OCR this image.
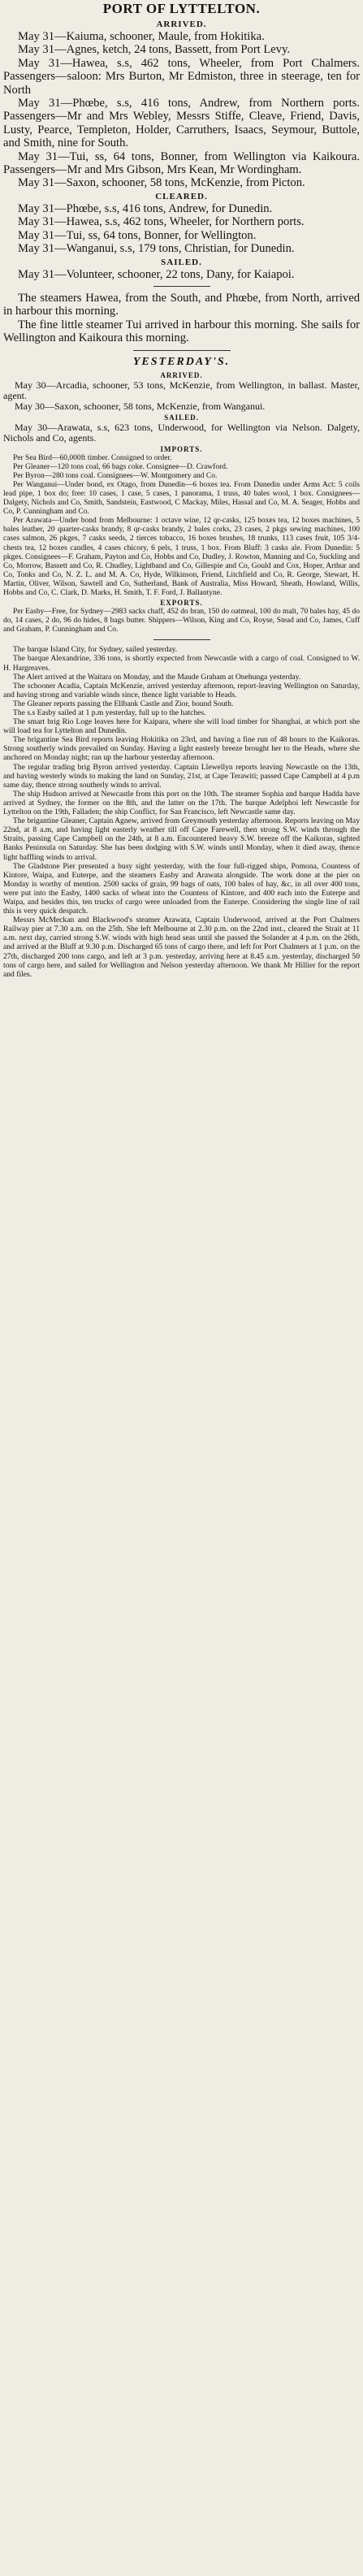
PORT OF LYTTELTON.
ARRIVED.

May 31—Kaiuma, schooner, Maule, from Hokitika.

May 31—Agnes, ketch, 24 tons, Bassett, from Port Levy.

May 31—Hawea, s.s, 462 tons, Wheeler, from Port Chalmers. Passengers—saloon: Mrs Burton, Mr Edmiston, three in steerage, ten for North

May 31—Phœbe, s.s, 416 tons, Andrew, from Northern ports. Passengers—Mr and Mrs Webley, Messrs Stiffe, Cleave, Friend, Davis, Lusty, Pearce, Templeton, Holder, Carruthers, Isaacs, Seymour, Buttole, and Smith, nine for South.

May 31—Tui, ss, 64 tons, Bonner, from Wellington via Kaikoura. Passengers—Mr and Mrs Gibson, Mrs Kean, Mr Wordingham.

May 31—Saxon, schooner, 58 tons, McKenzie, from Picton.

CLEARED.

May 31—Phœbe, s.s, 416 tons, Andrew, for Dunedin.

May 31—Hawea, s.s, 462 tons, Wheeler, for Northern ports.

May 31—Tui, ss, 64 tons, Bonner, for Wellington.

May 31—Wanganui, s.s, 179 tons, Christian, for Dunedin.

SAILED.

May 31—Volunteer, schooner, 22 tons, Dany, for Kaiapoi.

The steamers Hawea, from the South, and Phœbe, from North, arrived in harbour this morning.

The fine little steamer Tui arrived in harbour this morning. She sails for Wellington and Kaikoura this morning.

YESTERDAY'S.
ARRIVED.

May 30—Arcadia, schooner, 53 tons, McKenzie, from Wellington, in ballast. Master, agent.

May 30—Saxon, schooner, 58 tons, McKenzie, from Wanganui.

SAILED.

May 30—Arawata, s.s, 623 tons, Underwood, for Wellington via Nelson. Dalgety, Nichols and Co, agents.

IMPORTS.

Per Sea Bird—60,000ft timber. Consigned to order.

Per Gleaner—120 tons coal, 66 bags coke. Consignee—D. Crawford.

Per Byron—280 tons coal. Consignees—W. Montgomery and Co.

Per Wanganui—Under bond, ex Otago, from Dunedin—6 boxes tea. From Dunedin under Arms Act: 5 coils lead pipe, 1 box do; free: 10 cases, 1 case, 5 cases, 1 panorama, 1 truss, 40 bales wool, 1 box. Consignees—Dalgety, Nichols and Co, Smith, Sandstein, Eastwood, C Mackay, Miles, Hassal and Co, M. A. Seager, Hobbs and Co, P. Cunningham and Co.

Per Arawata—Under bond from Melbourne: 1 octave wine, 12 qr-casks, 125 boxes tea, 12 boxes machines, 5 bales leather, 20 quarter-casks brandy, 8 qr-casks brandy, 2 bales corks, 23 cases, 2 pkgs sewing machines, 100 cases salmon, 26 pkges, 7 casks seeds, 2 tierces tobacco, 16 boxes brushes, 18 trunks, 113 cases fruit, 105 3/4-chests tea, 12 boxes candles, 4 cases chicory, 6 pels, 1 truss, 1 box. From Bluff: 3 casks ale. From Dunedin: 5 pkges. Consignees—F. Graham, Payton and Co, Hobbs and Co, Dudley, J. Rowton, Manning and Co, Suckling and Co, Morrow, Bassett and Co, R. Chudley, Lightband and Co, Gillespie and Co, Gould and Cox, Hoper, Arthur and Co, Tonks and Co, N. Z. L. and M. A. Co, Hyde, Wilkinson, Friend, Litchfield and Co, R. George, Stewart, H. Martin, Oliver, Wilson, Sawtell and Co, Sutherland, Bank of Australia, Miss Howard, Sheath, Howland, Willis, Hobbs and Co, C. Clark, D. Marks, H. Smith, T. F. Ford, J. Ballantyne.

EXPORTS.

Per Easby—Free, for Sydney—2983 sacks chaff, 452 do bran, 150 do oatmeal, 100 do malt, 70 bales hay, 45 do do, 14 cases, 2 do, 96 do hides, 8 bags butter. Shippers—Wilson, King and Co, Royse, Stead and Co, James, Cuff and Graham, P. Cunningham and Co.

The barque Island City, for Sydney, sailed yesterday.

The barque Alexandrine, 336 tons, is shortly expected from Newcastle with a cargo of coal. Consigned to W. H. Hargreaves.

The Alert arrived at the Waitara on Monday, and the Maude Graham at Onehunga yesterday.

The schooner Acadia, Captain McKenzie, arrived yesterday afternoon, report-leaving Wellington on Saturday, and having strong and variable winds since, thence light variable to Heads.

The Gleaner reports passing the Ellbank Castle and Zior, bound South.

The s.s Easby sailed at 1 p.m yesterday, full up to the hatches.

The smart brig Rio Loge leaves here for Kaipara, where she will load timber for Shanghai, at which port she will load tea for Lyttelton and Dunedin.

The brigantine Sea Bird reports leaving Hokitika on 23rd, and having a fine run of 48 hours to the Kaikoras. Strong southerly winds prevailed on Sunday. Having a light easterly breeze brought her to the Heads, where she anchored on Monday night; ran up the harbour yesterday afternoon.

The regular trading brig Byron arrived yesterday. Captain Llewellyn reports leaving Newcastle on the 13th, and having westerly winds to making the land on Sunday, 21st, at Cape Terawiti; passed Cape Campbell at 4 p.m same day, thence strong southerly winds to arrival.

The ship Hudson arrived at Newcastle from this port on the 10th. The steamer Sophia and barque Hadda have arrived at Sydney, the former on the 8th, and the latter on the 17th. The barque Adelphoi left Newcastle for Lyttelton on the 19th, Falladen; the ship Conflict, for San Francisco, left Newcastle same day.

The brigantine Gleaner, Captain Agnew, arrived from Greymouth yesterday afternoon. Reports leaving on May 22nd, at 8 a.m, and having light easterly weather till off Cape Farewell, then strong S.W. winds through the Straits, passing Cape Campbell on the 24th, at 8 a.m. Encountered heavy S.W. breeze off the Kaikoras, sighted Banks Peninsula on Saturday. She has been dodging with S.W. winds until Monday, when it died away, thence light baffling winds to arrival.

The Gladstone Pier presented a busy sight yesterday, with the four full-rigged ships, Pomona, Countess of Kintore, Waipa, and Euterpe, and the steamers Easby and Arawata alongside. The work done at the pier on Monday is worthy of mention. 2500 sacks of grain, 99 bags of oats, 100 bales of hay, &c, in all over 400 tons, were put into the Easby, 1400 sacks of wheat into the Countess of Kintore, and 400 each into the Euterpe and Waipa, and besides this, ten trucks of cargo were unloaded from the Euterpe. Considering the single line of rail this is very quick despatch.

Messrs McMeckan and Blackwood's steamer Arawata, Captain Underwood, arrived at the Port Chalmers Railway pier at 7.30 a.m. on the 25th. She left Melbourne at 2.30 p.m. on the 22nd inst., cleared the Strait at 11 a.m. next day, carried strong S.W. winds with high head seas until she passed the Solander at 4 p.m. on the 26th, and arrived at the Bluff at 9.30 p.m. Discharged 65 tons of cargo there, and left for Port Chalmers at 1 p.m. on the 27th, discharged 200 tons cargo, and left at 3 p.m. yesterday, arriving here at 8.45 a.m. yesterday, discharged 50 tons of cargo here, and sailed for Wellington and Nelson yesterday afternoon. We thank Mr Hillier for the report and files.
